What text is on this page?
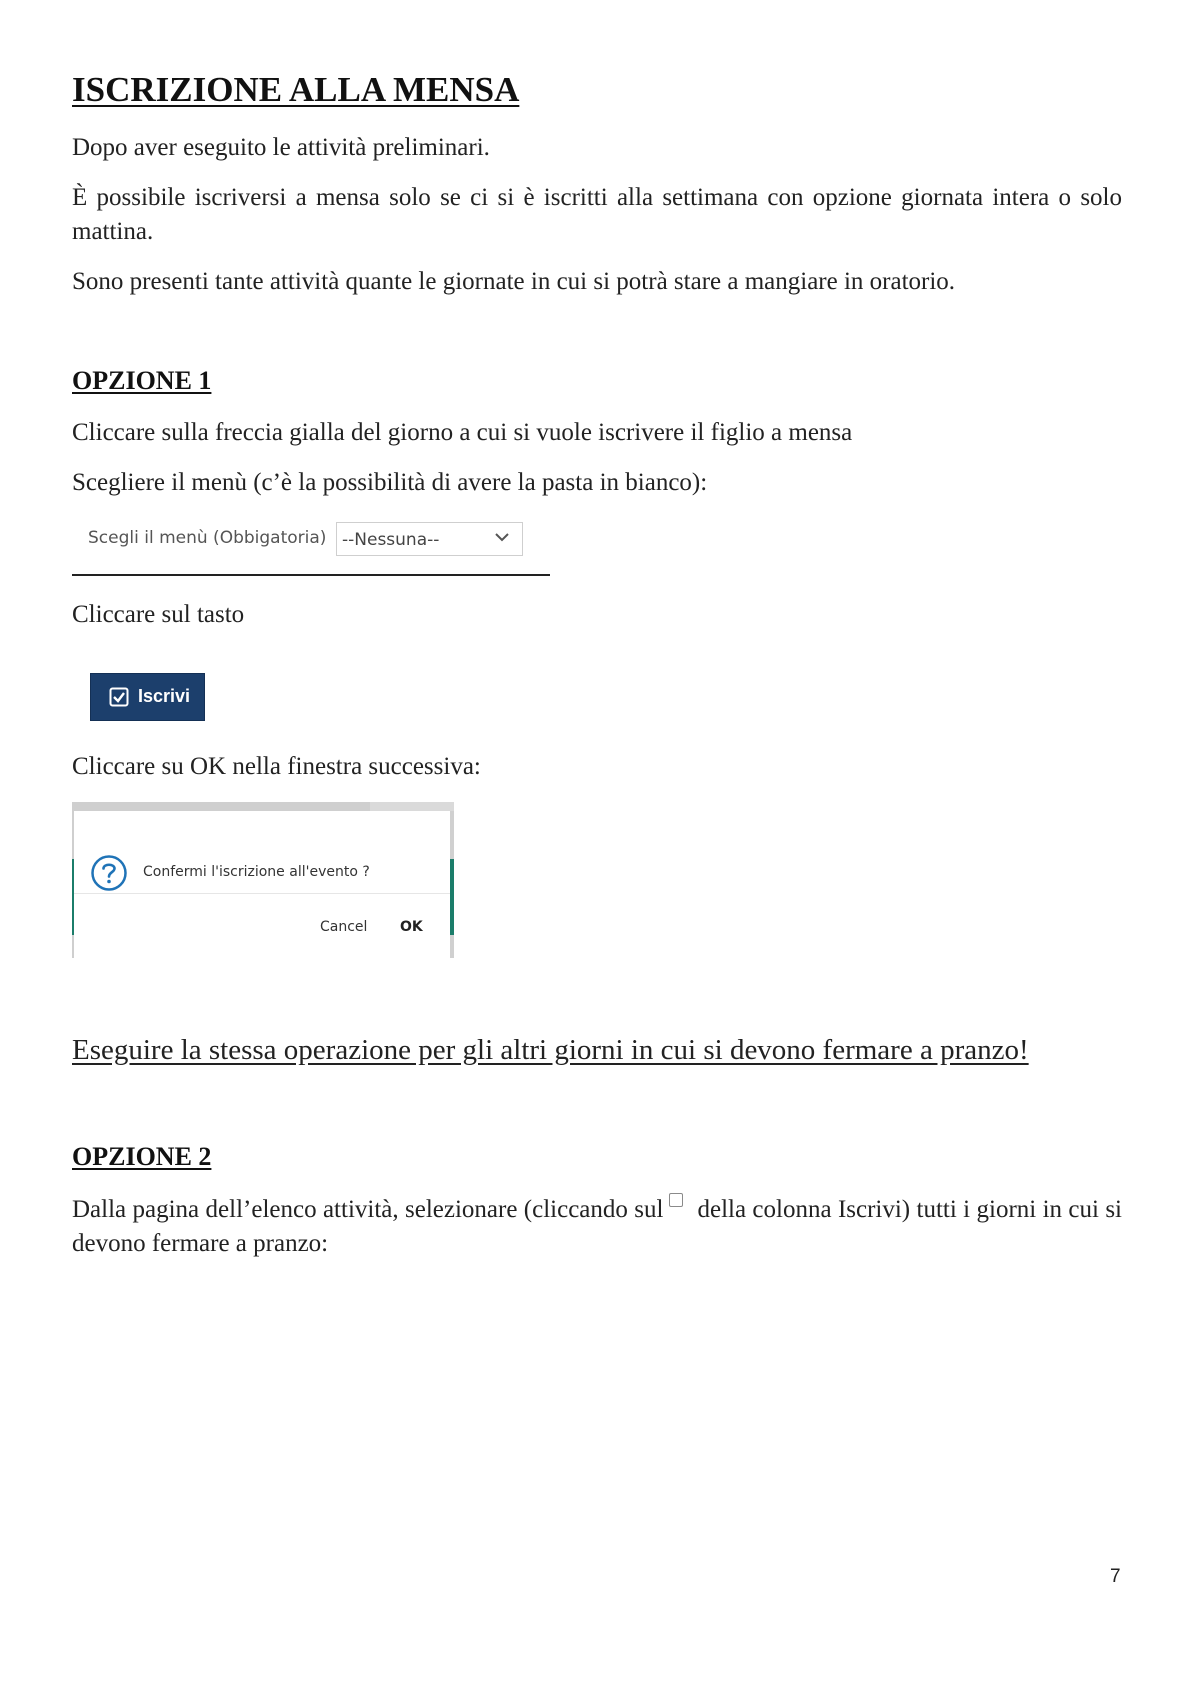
ISCRIZIONE ALLA MENSA

Dopo aver eseguito le attività preliminari.

È possibile iscriversi a mensa solo se ci si è iscritti alla settimana con opzione giornata intera o solo mattina.

Sono presenti tante attività quante le giornate in cui si potrà stare a mangiare in oratorio.

OPZIONE 1

Cliccare sulla freccia gialla del giorno a cui si vuole iscrivere il figlio a mensa

Scegliere il menù (c’è la possibilità di avere la pasta in bianco):

Scegli il menù (Obbigatoria) --Nessuna--

Cliccare sul tasto

Iscrivi

Cliccare su OK nella finestra successiva:

Confermi l'iscrizione all'evento ?
Cancel OK

Eseguire la stessa operazione per gli altri giorni in cui si devono fermare a pranzo!

OPZIONE 2

Dalla pagina dell’elenco attività, selezionare (cliccando sul della colonna Iscrivi) tutti i giorni in cui si devono fermare a pranzo:

7
